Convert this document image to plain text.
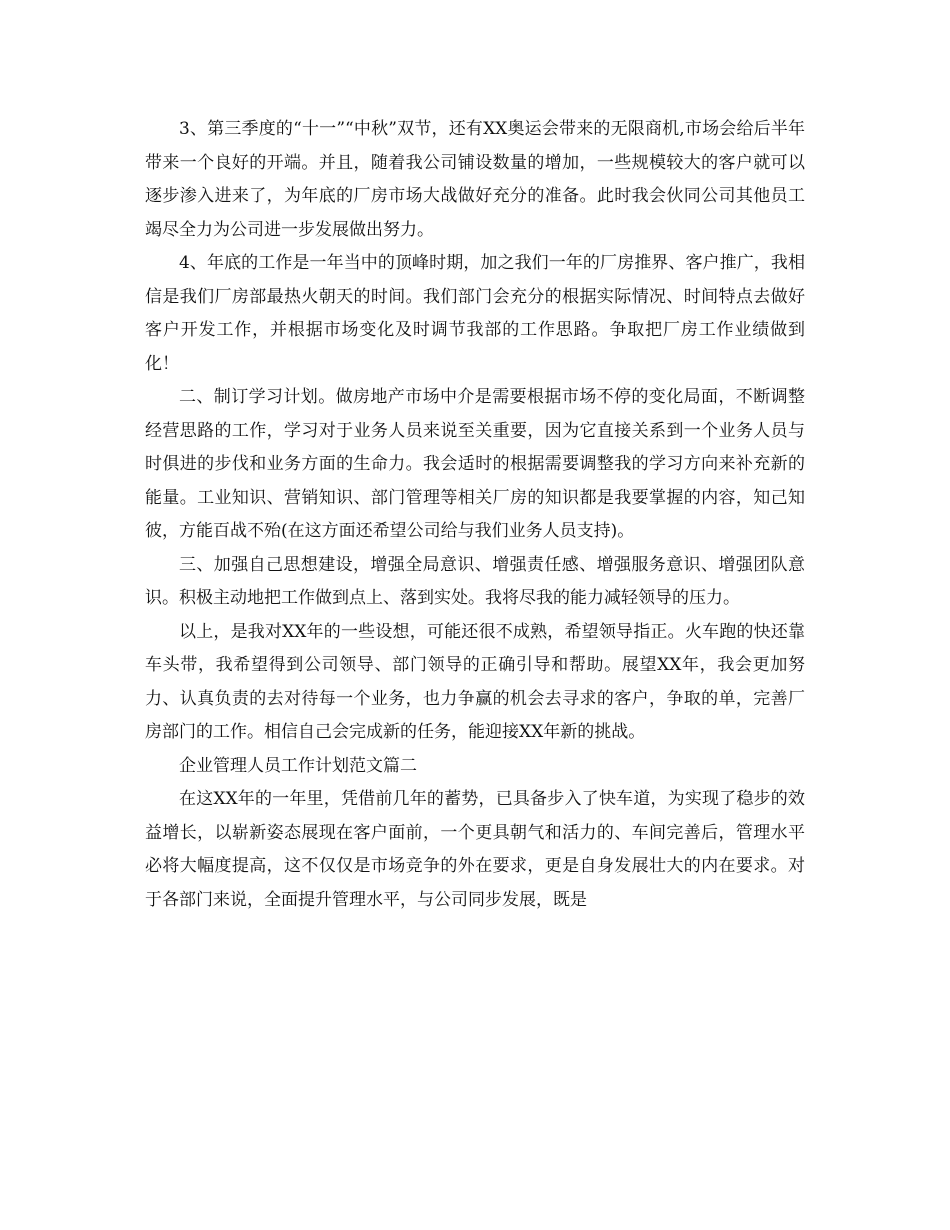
3、第三季度的“十一”“中秋”双节，还有XX奥运会带来的无限商机,市场会给后半年带来一个良好的开端。并且，随着我公司铺设数量的增加，一些规模较大的客户就可以逐步渗入进来了，为年底的厂房市场大战做好充分的准备。此时我会伙同公司其他员工竭尽全力为公司进一步发展做出努力。

4、年底的工作是一年当中的顶峰时期，加之我们一年的厂房推界、客户推广，我相信是我们厂房部最热火朝天的时间。我们部门会充分的根据实际情况、时间特点去做好客户开发工作，并根据市场变化及时调节我部的工作思路。争取把厂房工作业绩做到化！

二、制订学习计划。做房地产市场中介是需要根据市场不停的变化局面，不断调整经营思路的工作，学习对于业务人员来说至关重要，因为它直接关系到一个业务人员与时俱进的步伐和业务方面的生命力。我会适时的根据需要调整我的学习方向来补充新的能量。工业知识、营销知识、部门管理等相关厂房的知识都是我要掌握的内容，知己知彼，方能百战不殆(在这方面还希望公司给与我们业务人员支持)。

三、加强自己思想建设，增强全局意识、增强责任感、增强服务意识、增强团队意识。积极主动地把工作做到点上、落到实处。我将尽我的能力减轻领导的压力。

以上，是我对XX年的一些设想，可能还很不成熟，希望领导指正。火车跑的快还靠车头带，我希望得到公司领导、部门领导的正确引导和帮助。展望XX年，我会更加努力、认真负责的去对待每一个业务，也力争赢的机会去寻求的客户，争取的单，完善厂房部门的工作。相信自己会完成新的任务，能迎接XX年新的挑战。

企业管理人员工作计划范文篇二

在这XX年的一年里，凭借前几年的蓄势，已具备步入了快车道，为实现了稳步的效益增长，以崭新姿态展现在客户面前，一个更具朝气和活力的、车间完善后，管理水平必将大幅度提高，这不仅仅是市场竞争的外在要求，更是自身发展壮大的内在要求。对于各部门来说，全面提升管理水平，与公司同步发展，既是
